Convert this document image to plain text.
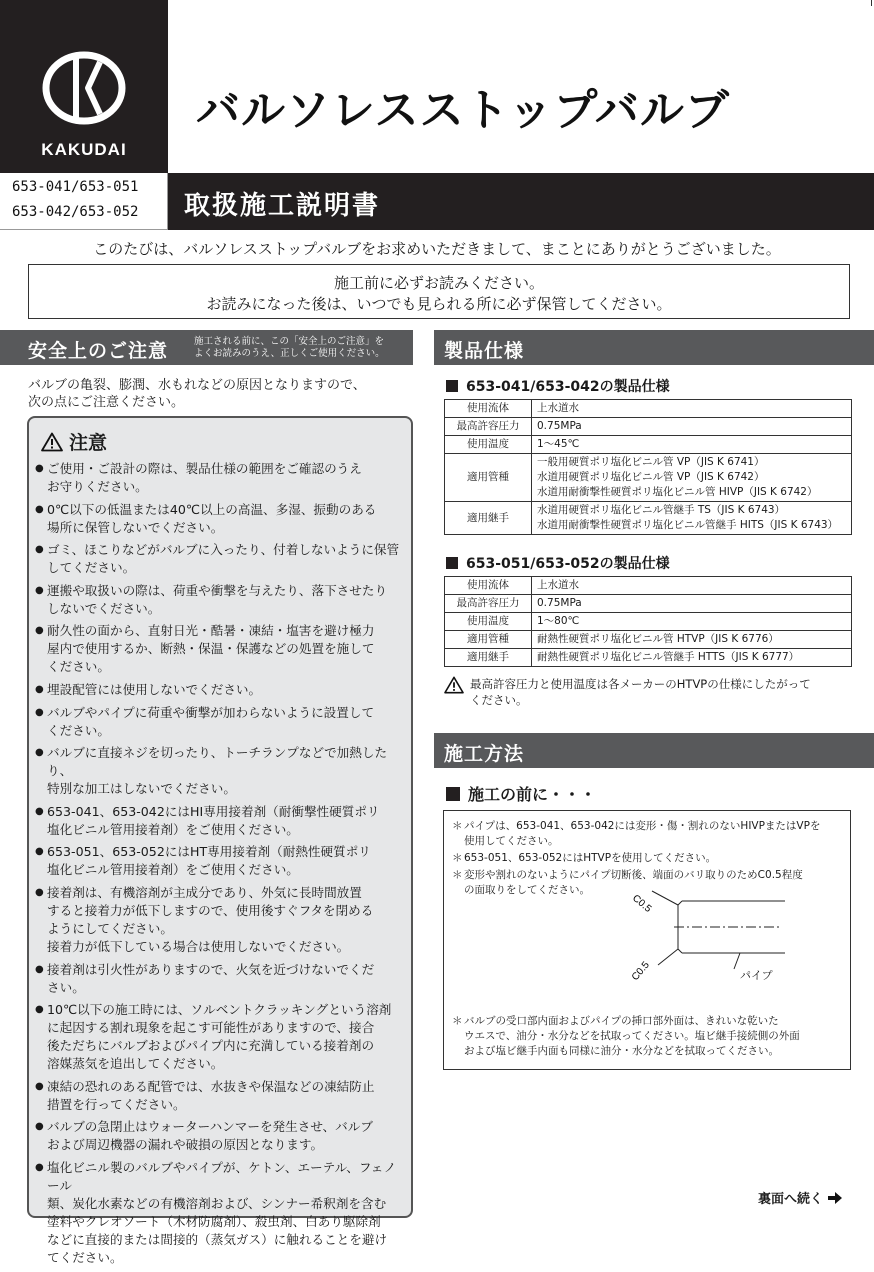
KAKUDAI
バルソレスストップバルブ
653-041/653-051
653-042/653-052 取扱施工説明書
このたびは、バルソレスストップバルブをお求めいただきまして、まことにありがとうございました。
施工前に必ずお読みください。
お読みになった後は、いつでも見られる所に必ず保管してください。
安全上のご注意	施工される前に、この「安全上のご注意」を
よくお読みのうえ、正しくご使用ください。
バルブの亀裂、膨潤、水もれなどの原因となりますので、
次の点にご注意ください。
注意
● ご使用・ご設計の際は、製品仕様の範囲をご確認のうえ
お守りください。
● 0℃以下の低温または40℃以上の高温、多湿、振動のある
場所に保管しないでください。
● ゴミ、ほこりなどがバルブに入ったり、付着しないように保管
してください。
● 運搬や取扱いの際は、荷重や衝撃を与えたり、落下させたり
しないでください。
● 耐久性の面から、直射日光・酷暑・凍結・塩害を避け極力
屋内で使用するか、断熱・保温・保護などの処置を施して
ください。
● 埋設配管には使用しないでください。
● バルブやパイプに荷重や衝撃が加わらないように設置して
ください。
● バルブに直接ネジを切ったり、トーチランプなどで加熱したり、
特別な加工はしないでください。
● 653-041、653-042にはHI専用接着剤（耐衝撃性硬質ポリ
塩化ビニル管用接着剤）をご使用ください。
● 653-051、653-052にはHT専用接着剤（耐熱性硬質ポリ
塩化ビニル管用接着剤）をご使用ください。
● 接着剤は、有機溶剤が主成分であり、外気に長時間放置
すると接着力が低下しますので、使用後すぐフタを閉める
ようにしてください。
接着力が低下している場合は使用しないでください。
● 接着剤は引火性がありますので、火気を近づけないでくだ
さい。
● 10℃以下の施工時には、ソルベントクラッキングという溶剤
に起因する割れ現象を起こす可能性がありますので、接合
後ただちにバルブおよびパイプ内に充満している接着剤の
溶媒蒸気を追出してください。
● 凍結の恐れのある配管では、水抜きや保温などの凍結防止
措置を行ってください。
● バルブの急閉止はウォーターハンマーを発生させ、バルブ
および周辺機器の漏れや破損の原因となります。
● 塩化ビニル製のバルブやパイプが、ケトン、エーテル、フェノール
類、炭化水素などの有機溶剤および、シンナー希釈剤を含む
塗料やクレオソート（木材防腐剤）、殺虫剤、白あり駆除剤
などに直接的または間接的（蒸気ガス）に触れることを避け
てください。
製品仕様
653-041/653-042の製品仕様
使用流体	上水道水

最高許容圧力	0.75MPa

使用温度	1～45℃

適用管種	一般用硬質ポリ塩化ビニル管 VP（JIS K 6741）
水道用硬質ポリ塩化ビニル管 VP（JIS K 6742）
水道用耐衝撃性硬質ポリ塩化ビニル管 HIVP（JIS K 6742）

適用継手	水道用硬質ポリ塩化ビニル管継手 TS（JIS K 6743）
水道用耐衝撃性硬質ポリ塩化ビニル管継手 HITS（JIS K 6743）
653-051/653-052の製品仕様
使用流体	上水道水

最高許容圧力	0.75MPa

使用温度	1～80℃

適用管種	耐熱性硬質ポリ塩化ビニル管 HTVP（JIS K 6776）

適用継手	耐熱性硬質ポリ塩化ビニル管継手 HTTS（JIS K 6777）
最高許容圧力と使用温度は各メーカーのHTVPの仕様にしたがって
ください。
施工方法
施工の前に・・・
＊ パイプは、653-041、653-042には変形・傷・割れのないHIVPまたはVPを
使用してください。
＊ 653-051、653-052にはHTVPを使用してください。
＊ 変形や割れのないようにパイプ切断後、端面のバリ取りのためC0.5程度
の面取りをしてください。
C0.5
C0.5	パイプ
＊ バルブの受口部内面およびパイプの挿口部外面は、きれいな乾いた
ウエスで、油分・水分などを拭取ってください。塩ビ継手接続側の外面
および塩ビ継手内面も同様に油分・水分などを拭取ってください。
裏面へ続く
